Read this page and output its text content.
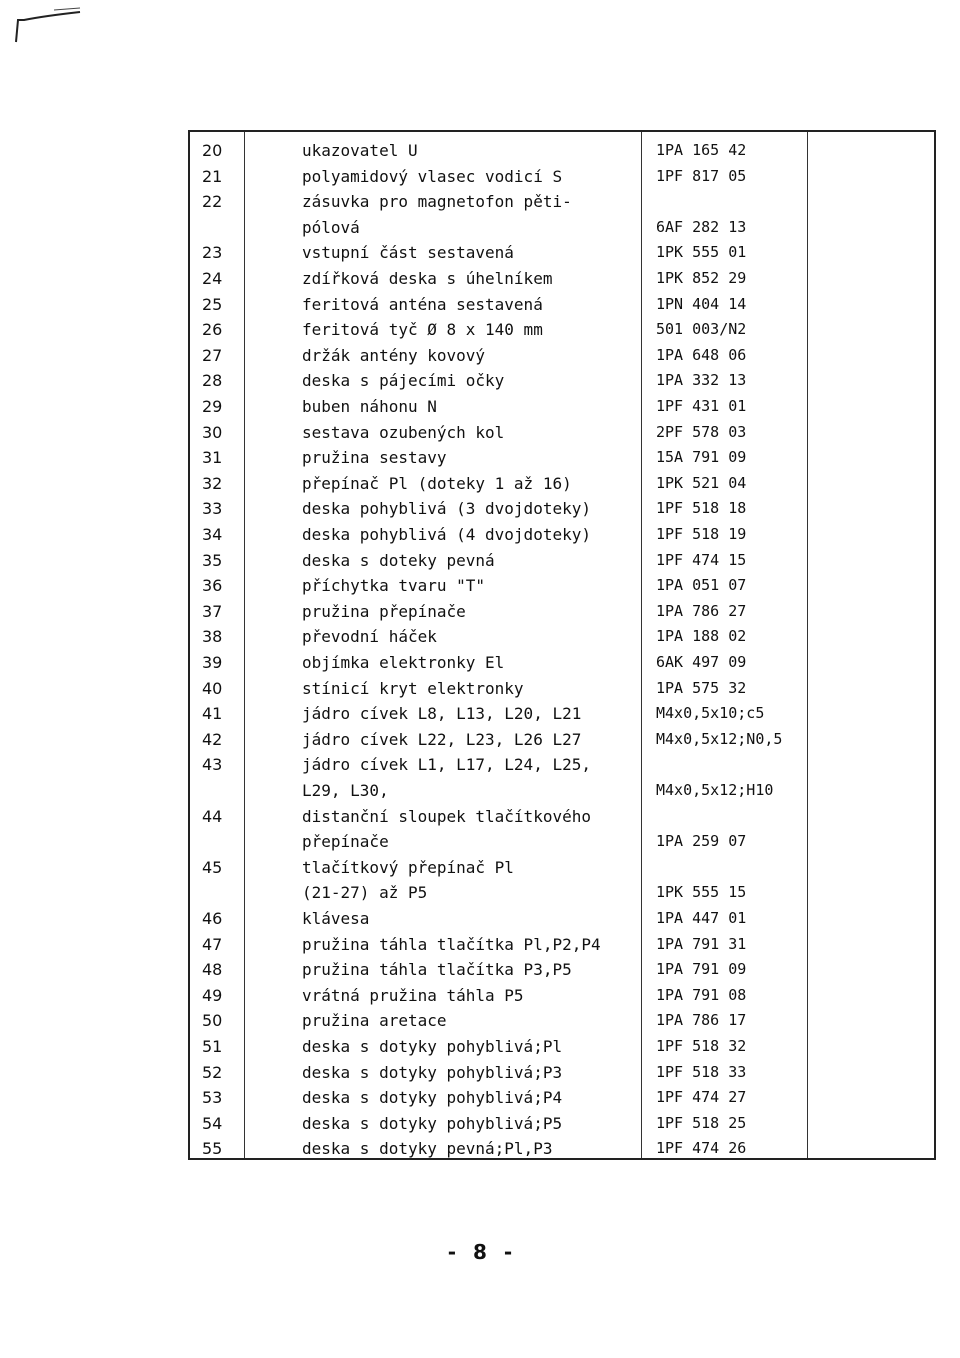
20	ukazovatel U	1PA 165 42
21	polyamidový vlasec vodicí S	1PF 817 05
22	zásuvka pro magnetofon pěti-
pólová	6AF 282 13
23	vstupní část sestavená	1PK 555 01
24	zdířková deska s úhelníkem	1PK 852 29
25	feritová anténa sestavená	1PN 404 14
26	feritová tyč Ø 8 x 140 mm	501 003/N2
27	držák antény kovový	1PA 648 06
28	deska s pájecími očky	1PA 332 13
29	buben náhonu N	1PF 431 01
30	sestava ozubených kol	2PF 578 03
31	pružina sestavy	15A 791 09
32	přepínač Pl (doteky 1 až 16)	1PK 521 04
33	deska pohyblivá (3 dvojdoteky)	1PF 518 18
34	deska pohyblivá (4 dvojdoteky)	1PF 518 19
35	deska s doteky pevná	1PF 474 15
36	příchytka tvaru "T"	1PA 051 07
37	pružina přepínače	1PA 786 27
38	převodní háček	1PA 188 02
39	objímka elektronky El	6AK 497 09
40	stínicí kryt elektronky	1PA 575 32
41	jádro cívek L8, L13, L20, L21	M4x0,5x10;c5
42	jádro cívek L22, L23, L26 L27	M4x0,5x12;N0,5
43	jádro cívek L1, L17, L24, L25,
L29, L30,	M4x0,5x12;H10
44	distanční sloupek tlačítkového
přepínače	1PA 259 07
45	tlačítkový přepínač Pl
(21-27) až P5	1PK 555 15
46	klávesa	1PA 447 01
47	pružina táhla tlačítka Pl,P2,P4	1PA 791 31
48	pružina táhla tlačítka P3,P5	1PA 791 09
49	vrátná pružina táhla P5	1PA 791 08
50	pružina aretace	1PA 786 17
51	deska s dotyky pohyblivá;Pl	1PF 518 32
52	deska s dotyky pohyblivá;P3	1PF 518 33
53	deska s dotyky pohyblivá;P4	1PF 474 27
54	deska s dotyky pohyblivá;P5	1PF 518 25
55	deska s dotyky pevná;Pl,P3	1PF 474 26
- 8 -
